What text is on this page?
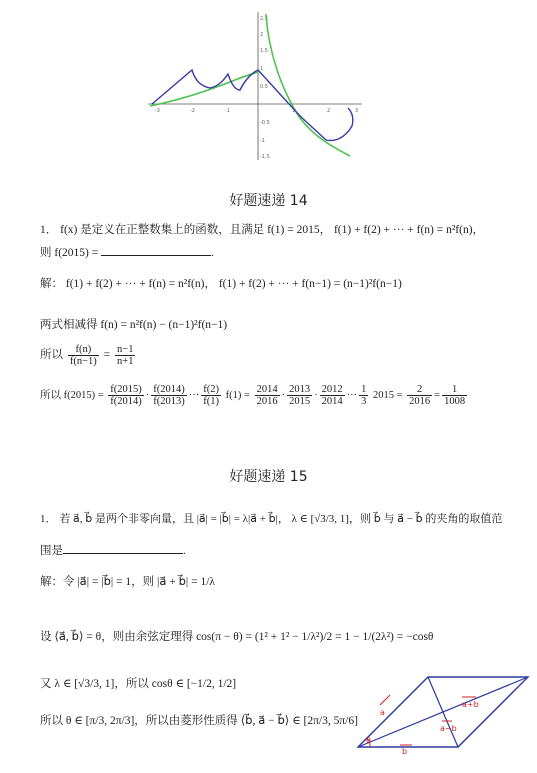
-3	-2	-1	1	2	3
2.5
2
1.5
1
0.5
-0.5
-1
-1.5
好题速递 14
1． f(x) 是定义在正整数集上的函数，且满足 f(1) = 2015， f(1) + f(2) + ··· + f(n) = n²f(n)，
则 f(2015) =	.
解： f(1) + f(2) + ··· + f(n) = n²f(n)， f(1) + f(2) + ··· + f(n−1) = (n−1)²f(n−1)
两式相减得 f(n) = n²f(n) − (n−1)²f(n−1)
所以 $\frac{f(n)}{f(n-1)} = \frac{n-1}{n+1}$
所以 $f(2015) = \frac{f(2015)}{f(2014)} \cdot \frac{f(2014)}{f(2013)}$ ··· $\frac{f(2)}{f(1)} f(1) = \frac{2014}{2016} \cdot \frac{2013}{2015} \cdot \frac{2012}{2014}$ ··· $\frac{1}{3} 2015 = \frac{2}{2016} = \frac{1}{1008}$
好题速递 15
1． 若 a⃗, b⃗ 是两个非零向量，且 |a⃗| = |b⃗| = λ|a⃗ + b⃗|， λ ∈ [√3/3, 1]，则 b⃗ 与 a⃗ − b⃗ 的夹角的取值范
围是	.
解：令 |a⃗| = |b⃗| = 1，则 |a⃗ + b⃗| = 1/λ
设 ⟨a⃗, b⃗⟩ = θ，则由余弦定理得 cos(π − θ) = (1² + 1² − 1/λ²)/2 = 1 − 1/(2λ²) = −cosθ
又 λ ∈ [√3/3, 1]，所以 cosθ ∈ [−1/2, 1/2]
所以 θ ∈ [π/3, 2π/3]，所以由菱形性质得 ⟨b⃗, a⃗ − b⃗⟩ ∈ [2π/3, 5π/6]
a
b
a+b
a−b
θ
